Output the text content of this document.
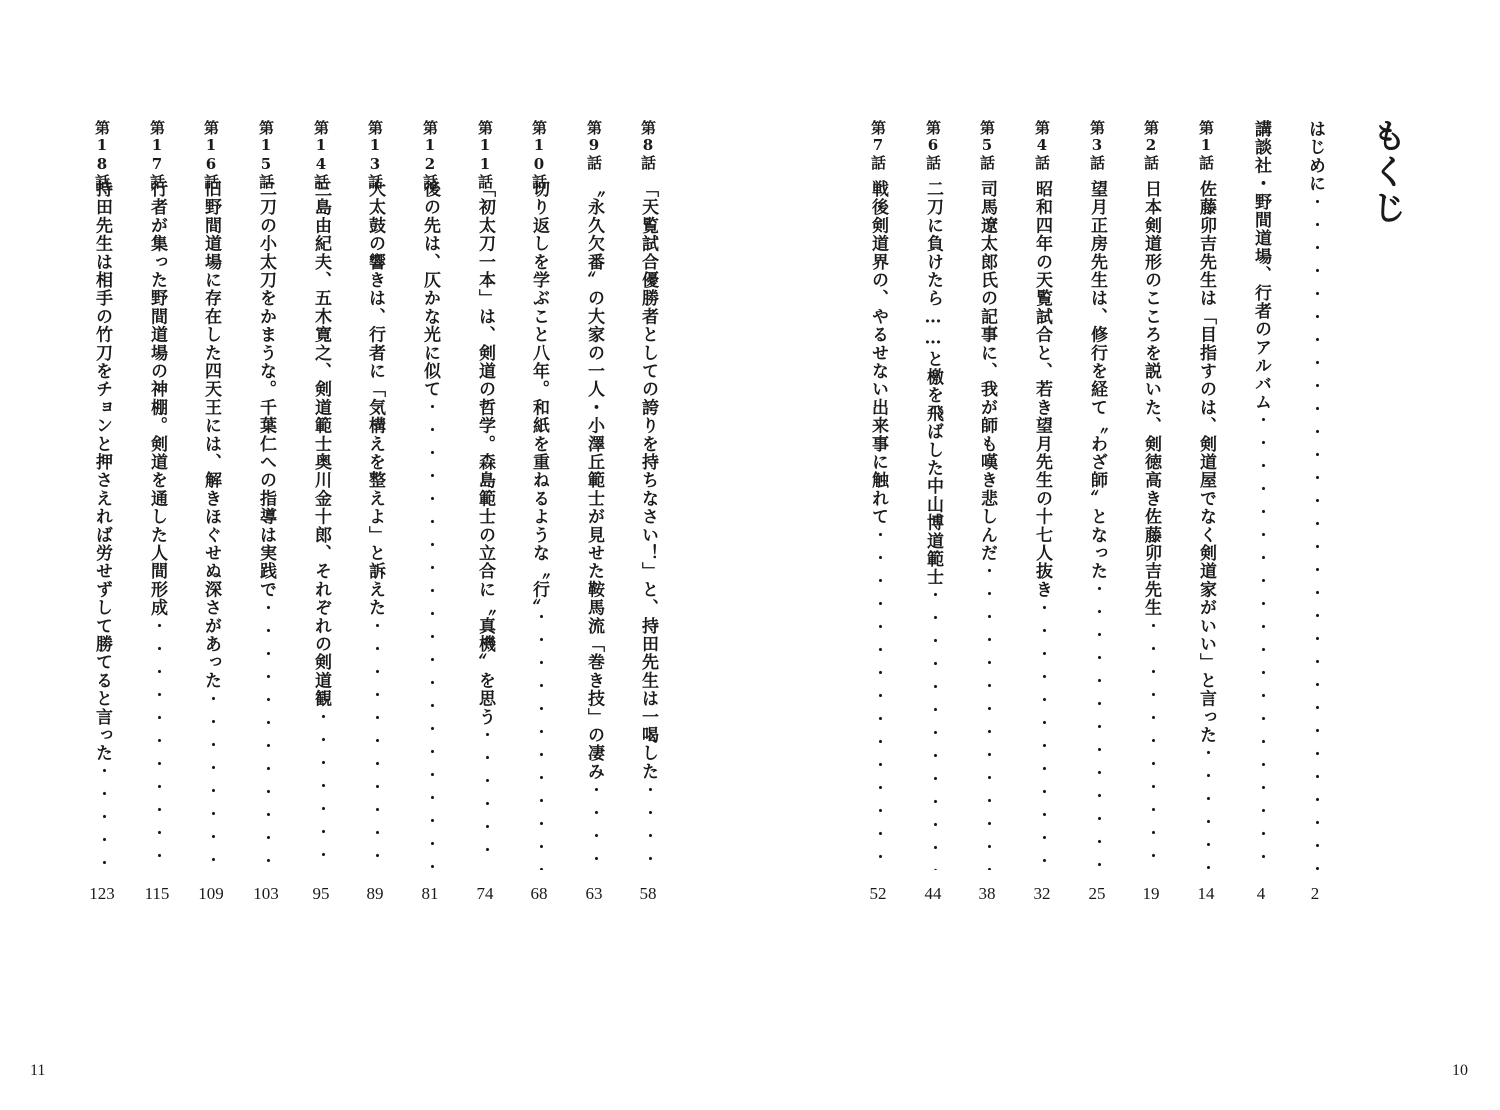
もくじ
はじめに ・・・・・・・・・・・・・・・・・・・・・・・・・・・・・・・・・・・・・・・・・・・・・・・・・・・・・・・・
2
講談社・野間道場、行者のアルバム ・・・・・・・・・・・・・・・・・・・・・・・・・・・・・・・・・・・・・・・・・・・・・・・・・・・・・・・・
4
第1話
佐藤卯吉先生は「目指すのは、剣道屋でなく剣道家がいい」と言った ・・・・・・・・・・・・・・・・・・・・・・・・・・・・・・・・・・・・・・・・・・・・・・・・・・・・・・・・
14
第2話
日本剣道形のこころを説いた、剣徳高き佐藤卯吉先生 ・・・・・・・・・・・・・・・・・・・・・・・・・・・・・・・・・・・・・・・・・・・・・・・・・・・・・・・・
19
第3話
望月正房先生は、修行を経て〝わざ師〟となった ・・・・・・・・・・・・・・・・・・・・・・・・・・・・・・・・・・・・・・・・・・・・・・・・・・・・・・・・
25
第4話
昭和四年の天覧試合と、若き望月先生の十七人抜き ・・・・・・・・・・・・・・・・・・・・・・・・・・・・・・・・・・・・・・・・・・・・・・・・・・・・・・・・
32
第5話
司馬遼太郎氏の記事に、我が師も嘆き悲しんだ ・・・・・・・・・・・・・・・・・・・・・・・・・・・・・・・・・・・・・・・・・・・・・・・・・・・・・・・・
38
第6話
二刀に負けたら……と檄を飛ばした中山博道範士 ・・・・・・・・・・・・・・・・・・・・・・・・・・・・・・・・・・・・・・・・・・・・・・・・・・・・・・・・
44
第7話
戦後剣道界の、やるせない出来事に触れて ・・・・・・・・・・・・・・・・・・・・・・・・・・・・・・・・・・・・・・・・・・・・・・・・・・・・・・・・
52
第8話
「天覧試合優勝者としての誇りを持ちなさい！」と、持田先生は一喝した ・・・・・・・・・・・・・・・・・・・・・・・・・・・・・・・・・・・・・・・・・・・・・・・・・・・・・・・・
58
第9話
〝永久欠番〟の大家の一人・小澤丘範士が見せた鞍馬流「巻き技」の凄み ・・・・・・・・・・・・・・・・・・・・・・・・・・・・・・・・・・・・・・・・・・・・・・・・・・・・・・・・
63
第10話
切り返しを学ぶこと八年。和紙を重ねるような〝行〟 ・・・・・・・・・・・・・・・・・・・・・・・・・・・・・・・・・・・・・・・・・・・・・・・・・・・・・・・・
68
第11話
「初太刀一本」は、剣道の哲学。森島範士の立合に〝真機〟を思う ・・・・・・・・・・・・・・・・・・・・・・・・・・・・・・・・・・・・・・・・・・・・・・・・・・・・・・・・
74
第12話
後の先は、仄かな光に似て ・・・・・・・・・・・・・・・・・・・・・・・・・・・・・・・・・・・・・・・・・・・・・・・・・・・・・・・・
81
第13話
大太鼓の響きは、行者に「気構えを整えよ」と訴えた ・・・・・・・・・・・・・・・・・・・・・・・・・・・・・・・・・・・・・・・・・・・・・・・・・・・・・・・・
89
第14話
三島由紀夫、五木寛之、剣道範士奥川金十郎、それぞれの剣道観 ・・・・・・・・・・・・・・・・・・・・・・・・・・・・・・・・・・・・・・・・・・・・・・・・・・・・・・・・
95
第15話
二刀の小太刀をかまうな。千葉仁への指導は実践で ・・・・・・・・・・・・・・・・・・・・・・・・・・・・・・・・・・・・・・・・・・・・・・・・・・・・・・・・
103
第16話
旧野間道場に存在した四天王には、解きほぐせぬ深さがあった ・・・・・・・・・・・・・・・・・・・・・・・・・・・・・・・・・・・・・・・・・・・・・・・・・・・・・・・・
109
第17話
行者が集った野間道場の神棚。剣道を通した人間形成 ・・・・・・・・・・・・・・・・・・・・・・・・・・・・・・・・・・・・・・・・・・・・・・・・・・・・・・・・
115
第18話
持田先生は相手の竹刀をチョンと押さえれば労せずして勝てると言った ・・・・・・・・・・・・・・・・・・・・・・・・・・・・・・・・・・・・・・・・・・・・・・・・・・・・・・・・
123
11	10
